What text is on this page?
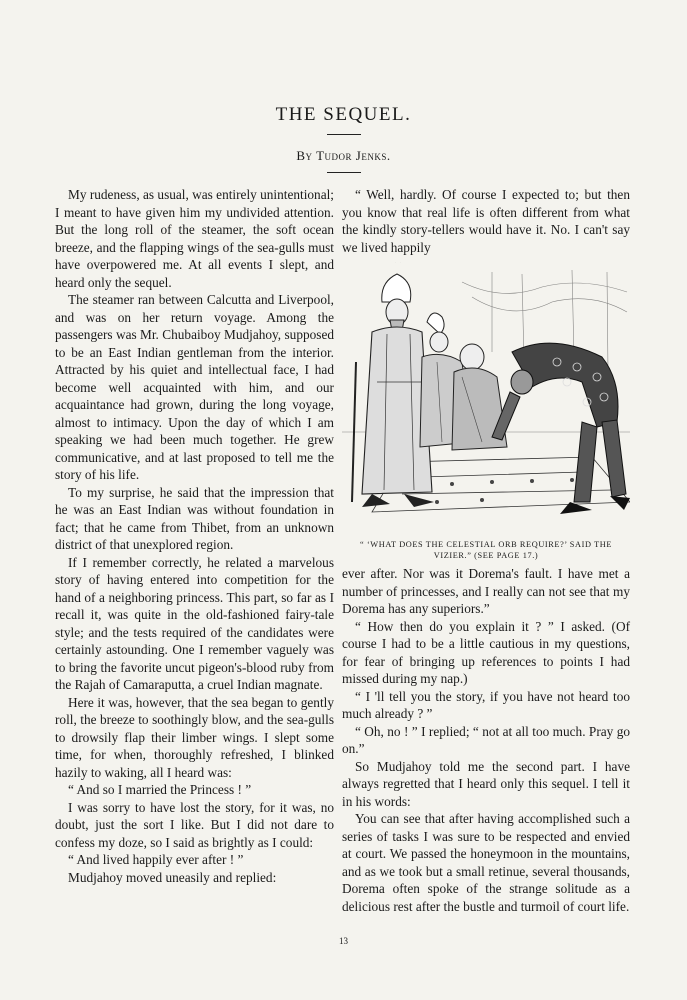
THE SEQUEL.
By Tudor Jenks.

My rudeness, as usual, was entirely unintentional; I meant to have given him my undivided attention. But the long roll of the steamer, the soft ocean breeze, and the flapping wings of the sea-gulls must have overpowered me. At all events I slept, and heard only the sequel.

The steamer ran between Calcutta and Liverpool, and was on her return voyage. Among the passengers was Mr. Chubaiboy Mudjahoy, supposed to be an East Indian gentleman from the interior. Attracted by his quiet and intellectual face, I had become well acquainted with him, and our acquaintance had grown, during the long voyage, almost to intimacy. Upon the day of which I am speaking we had been much together. He grew communicative, and at last proposed to tell me the story of his life.

To my surprise, he said that the impression that he was an East Indian was without foundation in fact; that he came from Thibet, from an unknown district of that unexplored region.

If I remember correctly, he related a marvelous story of having entered into competition for the hand of a neighboring princess. This part, so far as I recall it, was quite in the old-fashioned fairy-tale style; and the tests required of the candidates were certainly astounding. One I remember vaguely was to bring the favorite uncut pigeon's-blood ruby from the Rajah of Camaraputta, a cruel Indian magnate.

Here it was, however, that the sea began to gently roll, the breeze to soothingly blow, and the sea-gulls to drowsily flap their limber wings. I slept some time, for when, thoroughly refreshed, I blinked hazily to waking, all I heard was:

“ And so I married the Princess ! ”

I was sorry to have lost the story, for it was, no doubt, just the sort I like. But I did not dare to confess my doze, so I said as brightly as I could:

“ And lived happily ever after ! ”

Mudjahoy moved uneasily and replied:

“ Well, hardly. Of course I expected to; but then you know that real life is often different from what the kindly story-tellers would have it. No. I can't say we lived happily

“ ‘WHAT DOES THE CELESTIAL ORB REQUIRE?’ SAID THE VIZIER.” (SEE PAGE 17.)

ever after. Nor was it Dorema's fault. I have met a number of princesses, and I really can not see that my Dorema has any superiors.”

“ How then do you explain it ? ” I asked. (Of course I had to be a little cautious in my questions, for fear of bringing up references to points I had missed during my nap.)

“ I 'll tell you the story, if you have not heard too much already ? ”

“ Oh, no ! ” I replied; “ not at all too much. Pray go on.”

So Mudjahoy told me the second part. I have always regretted that I heard only this sequel. I tell it in his words:

You can see that after having accomplished such a series of tasks I was sure to be respected and envied at court. We passed the honeymoon in the mountains, and as we took but a small retinue, several thousands, Dorema often spoke of the strange solitude as a delicious rest after the bustle and turmoil of court life.

13
